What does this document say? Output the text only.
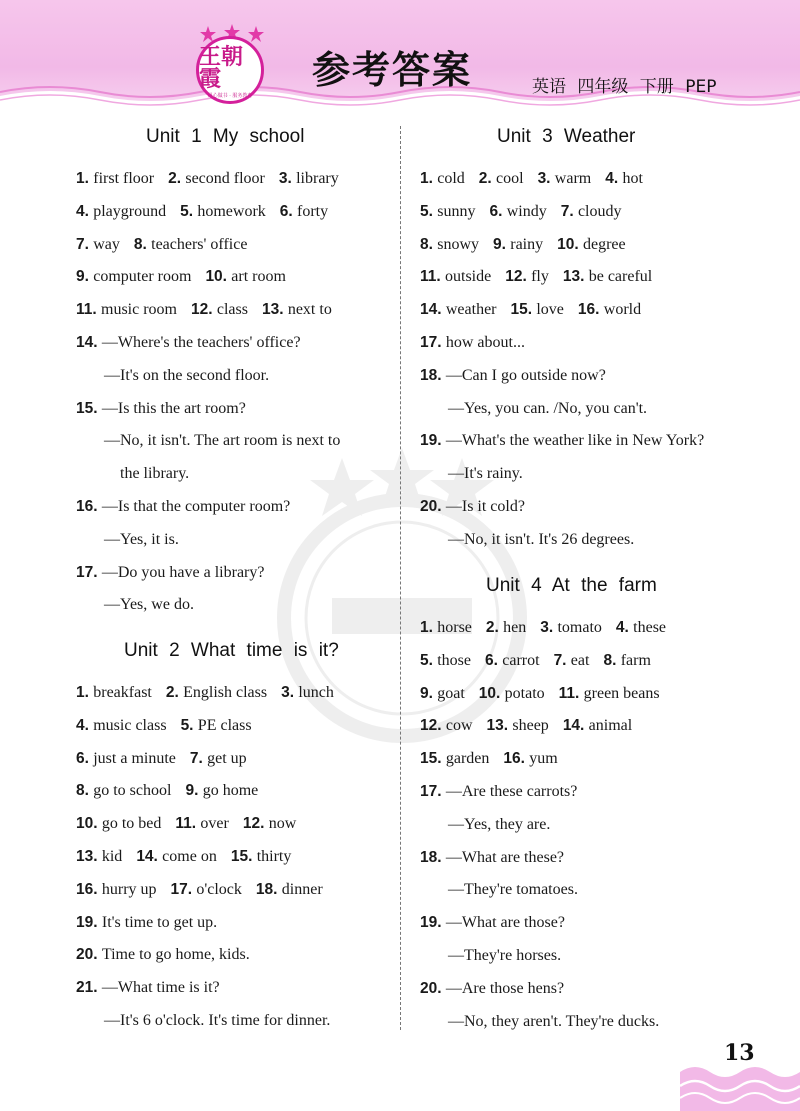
王朝霞
用心做书 · 服务教育
参考答案	英语 四年级 下册 PEP
Unit 1 My school
1. first floor 2. second floor 3. library
4. playground 5. homework 6. forty
7. way 8. teachers' office
9. computer room 10. art room
11. music room 12. class 13. next to
14. —Where's the teachers' office?
—It's on the second floor.
15. —Is this the art room?
—No, it isn't. The art room is next to
the library.
16. —Is that the computer room?
—Yes, it is.
17. —Do you have a library?
—Yes, we do.
Unit 2 What time is it?
1. breakfast 2. English class 3. lunch
4. music class 5. PE class
6. just a minute 7. get up
8. go to school 9. go home
10. go to bed 11. over 12. now
13. kid 14. come on 15. thirty
16. hurry up 17. o'clock 18. dinner
19. It's time to get up.
20. Time to go home, kids.
21. —What time is it?
—It's 6 o'clock. It's time for dinner.
Unit 3 Weather
1. cold 2. cool 3. warm 4. hot
5. sunny 6. windy 7. cloudy
8. snowy 9. rainy 10. degree
11. outside 12. fly 13. be careful
14. weather 15. love 16. world
17. how about...
18. —Can I go outside now?
—Yes, you can. /No, you can't.
19. —What's the weather like in New York?
—It's rainy.
20. —Is it cold?
—No, it isn't. It's 26 degrees.
Unit 4 At the farm
1. horse 2. hen 3. tomato 4. these
5. those 6. carrot 7. eat 8. farm
9. goat 10. potato 11. green beans
12. cow 13. sheep 14. animal
15. garden 16. yum
17. —Are these carrots?
—Yes, they are.
18. —What are these?
—They're tomatoes.
19. —What are those?
—They're horses.
20. —Are those hens?
—No, they aren't. They're ducks.
13
